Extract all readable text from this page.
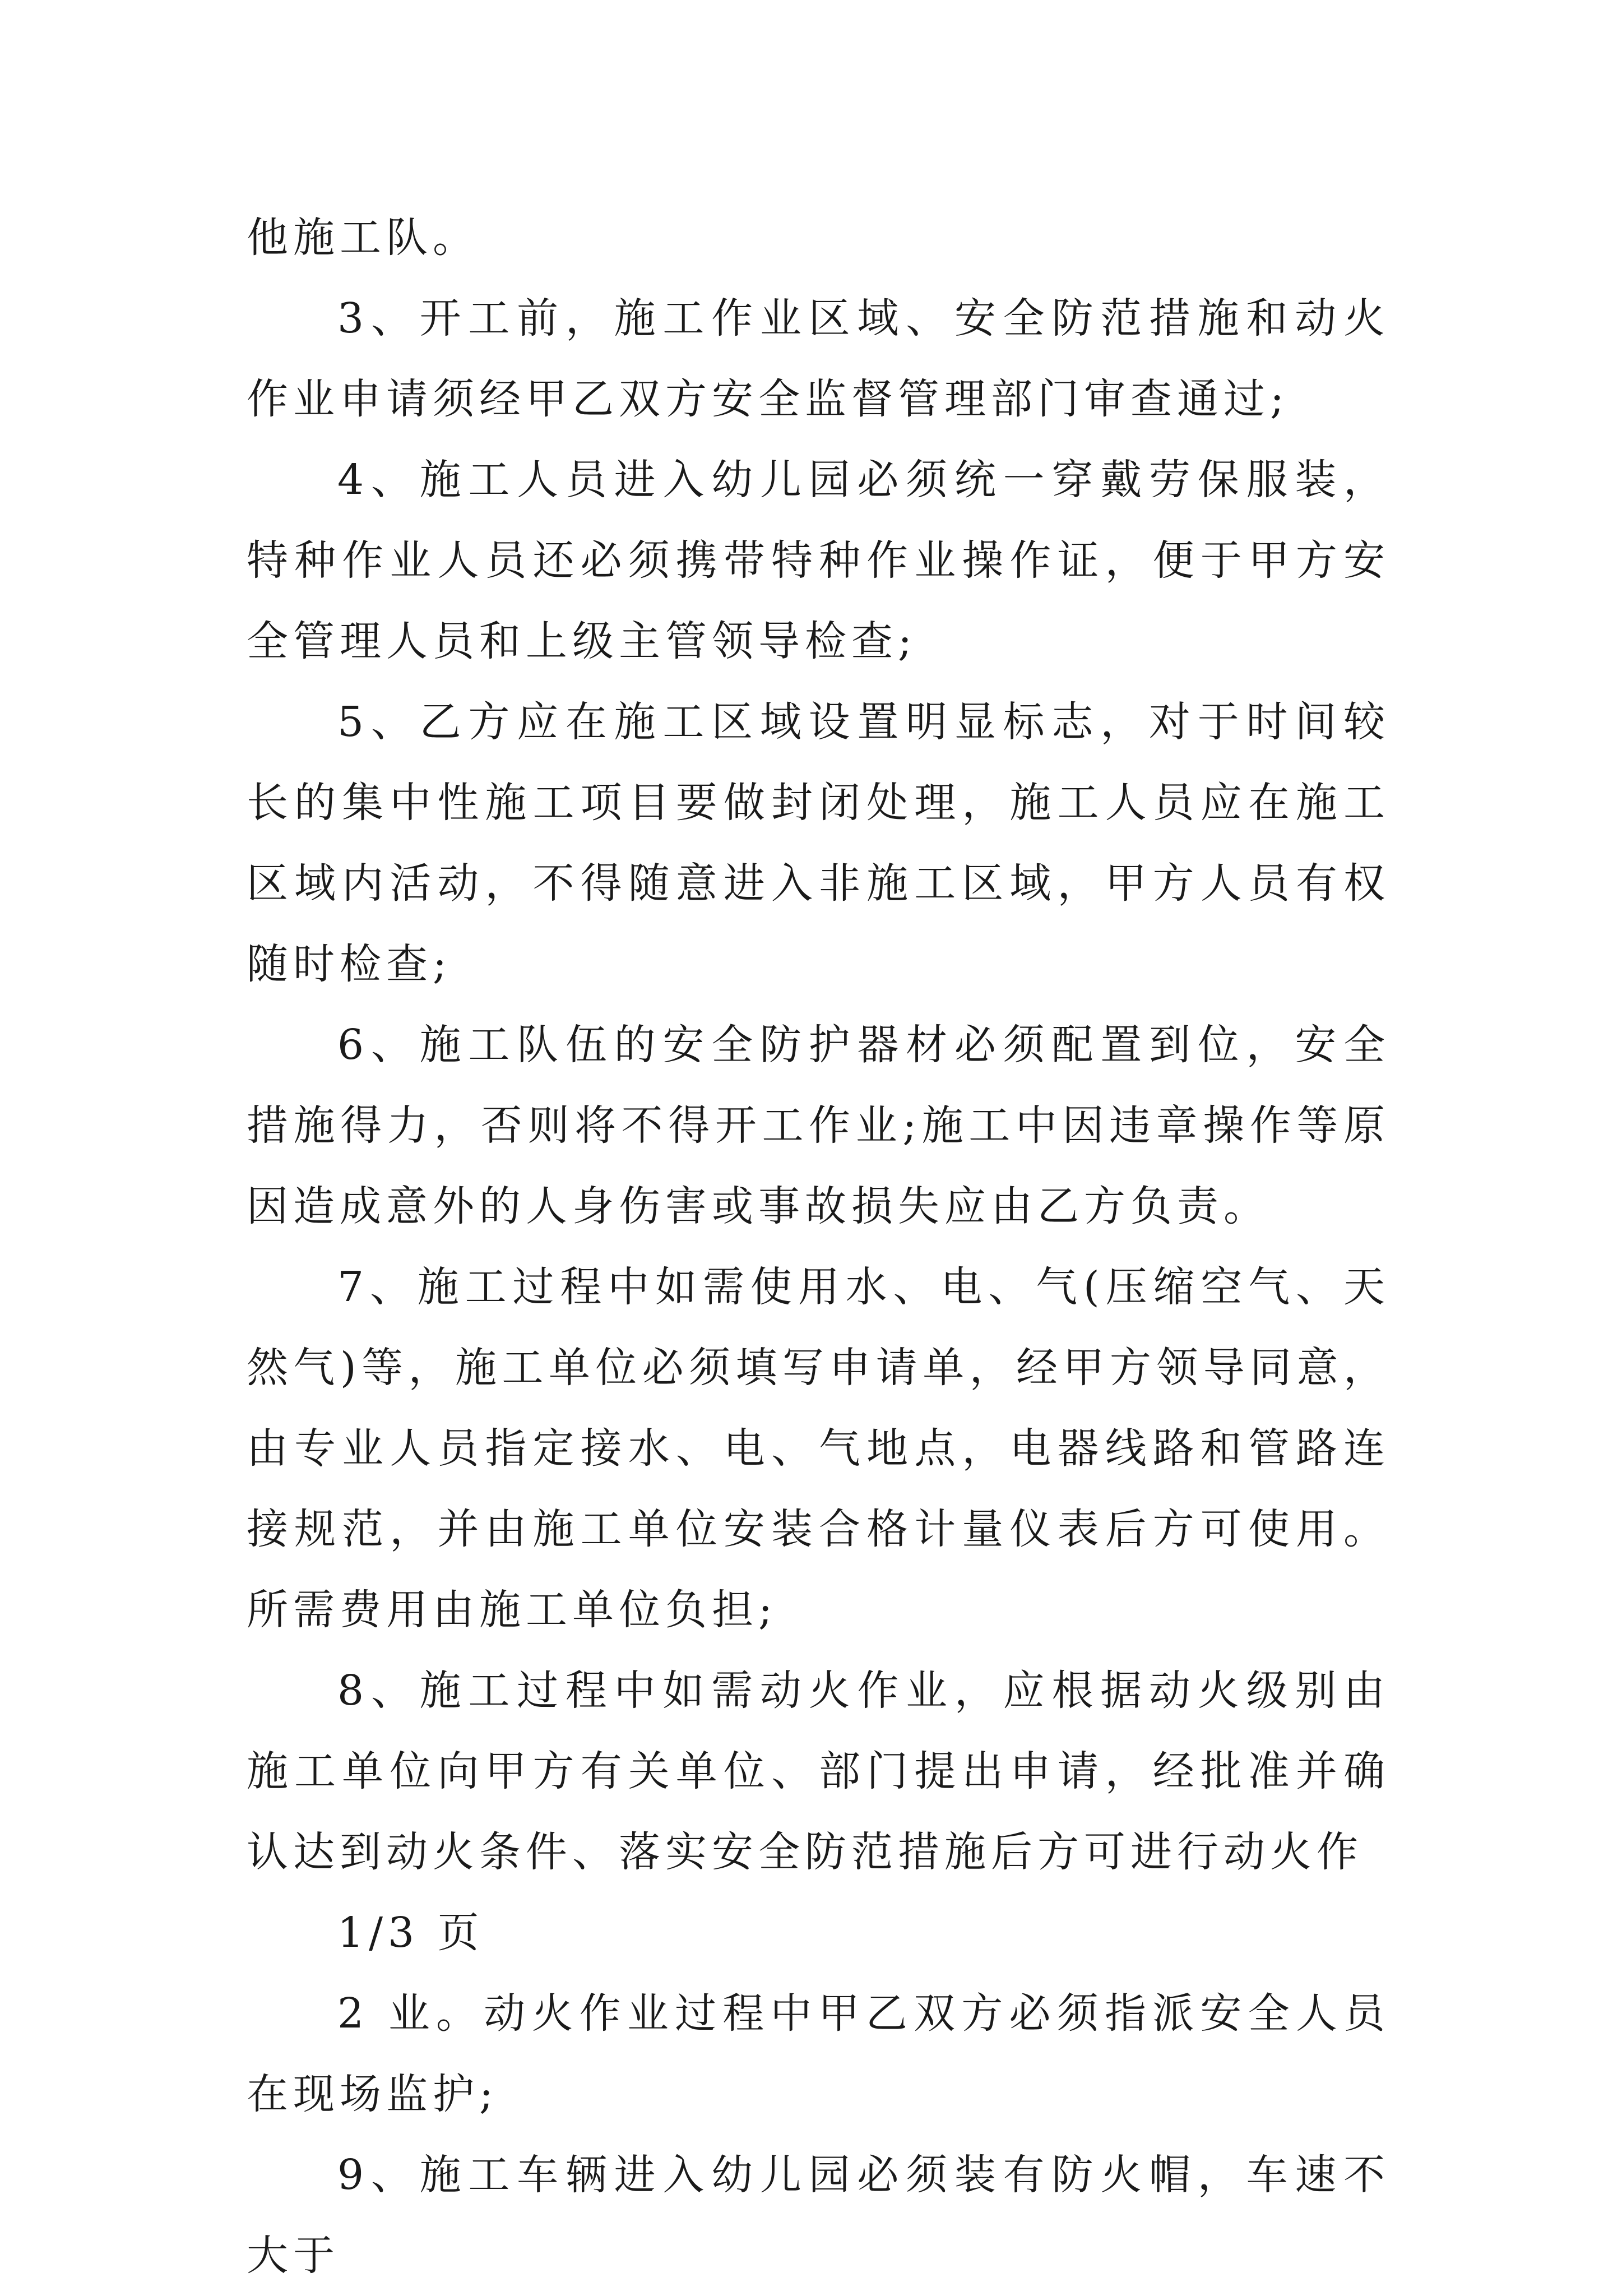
他施工队。

3、开工前，施工作业区域、安全防范措施和动火作业申请须经甲乙双方安全监督管理部门审查通过;

4、施工人员进入幼儿园必须统一穿戴劳保服装，特种作业人员还必须携带特种作业操作证，便于甲方安全管理人员和上级主管领导检查;

5、乙方应在施工区域设置明显标志，对于时间较长的集中性施工项目要做封闭处理，施工人员应在施工区域内活动，不得随意进入非施工区域，甲方人员有权随时检查;

6、施工队伍的安全防护器材必须配置到位，安全措施得力，否则将不得开工作业;施工中因违章操作等原因造成意外的人身伤害或事故损失应由乙方负责。

7、施工过程中如需使用水、电、气(压缩空气、天然气)等，施工单位必须填写申请单，经甲方领导同意，由专业人员指定接水、电、气地点，电器线路和管路连接规范，并由施工单位安装合格计量仪表后方可使用。所需费用由施工单位负担;

8、施工过程中如需动火作业，应根据动火级别由施工单位向甲方有关单位、部门提出申请，经批准并确认达到动火条件、落实安全防范措施后方可进行动火作

1/3 页

2 业。动火作业过程中甲乙双方必须指派安全人员在现场监护;

9、施工车辆进入幼儿园必须装有防火帽，车速不大于
